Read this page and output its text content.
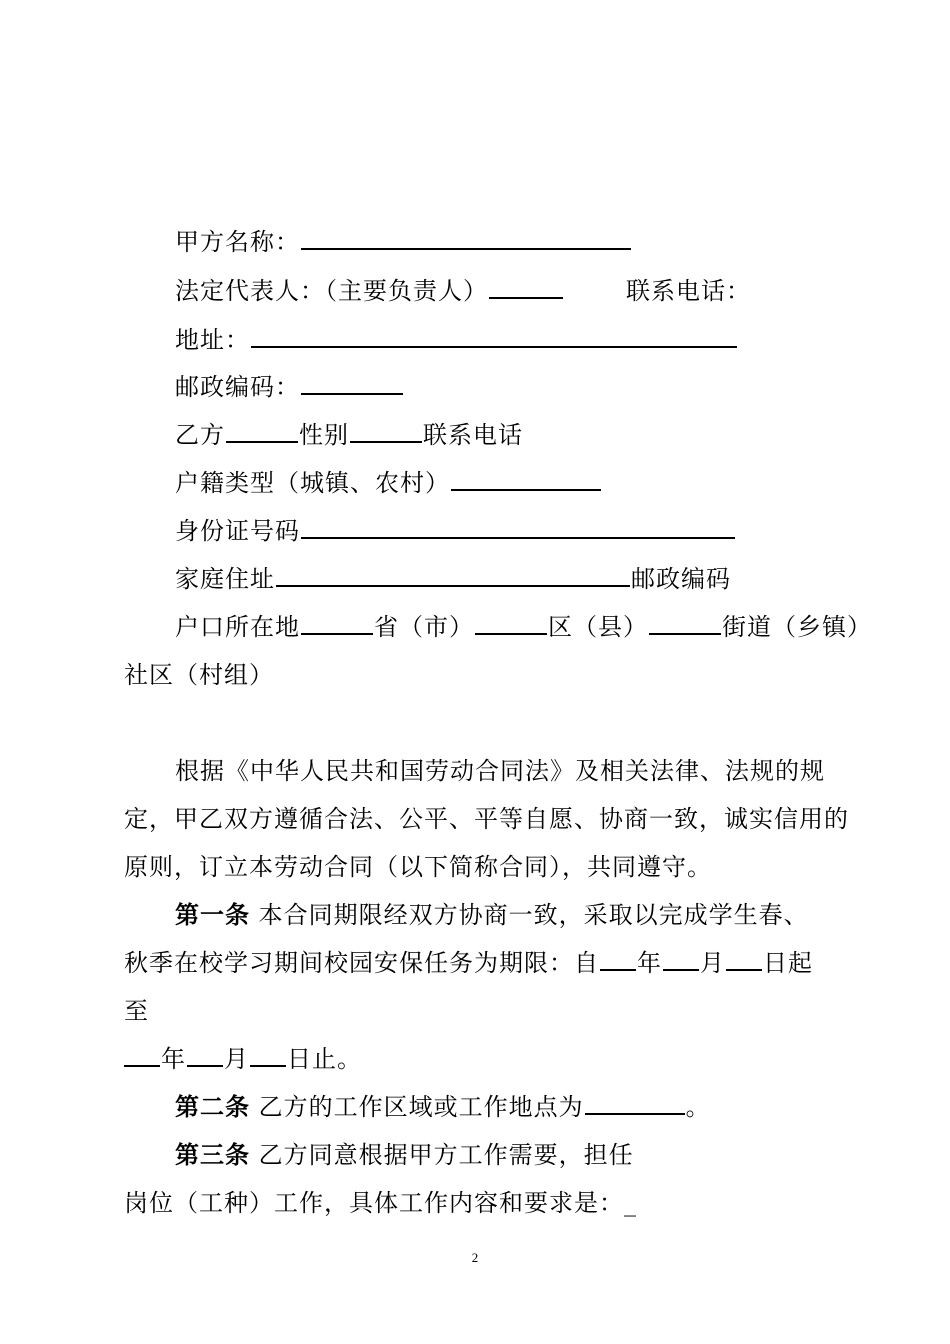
甲方名称：
法定代表人：（主要负责人）	联系电话：
地址：
邮政编码：
乙方	性别	联系电话
户籍类型（城镇、农村）
身份证号码
家庭住址	邮政编码
户口所在地	省（市）	区（县）	街道（乡镇）
社区（村组）
根据《中华人民共和国劳动合同法》及相关法律、法规的规
定，甲乙双方遵循合法、公平、平等自愿、协商一致，诚实信用的
原则，订立本劳动合同（以下简称合同），共同遵守。
第一条 本合同期限经双方协商一致，采取以完成学生春、
秋季在校学习期间校园安保任务为期限：自 年 月 日起
至
年 月 日止。
第二条 乙方的工作区域或工作地点为	。
第三条 乙方同意根据甲方工作需要，担任
岗位（工种）工作，具体工作内容和要求是：_
2
